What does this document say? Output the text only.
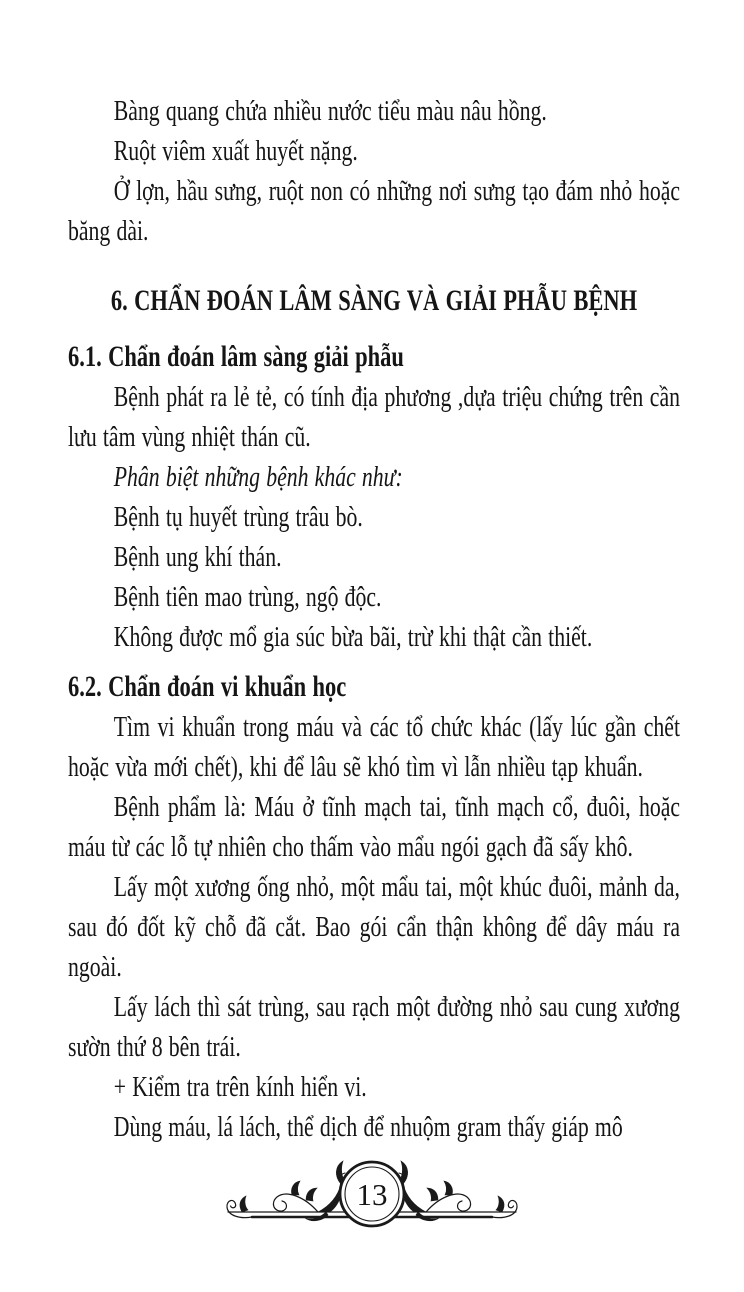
Bàng quang chứa nhiều nước tiểu màu nâu hồng.

Ruột viêm xuất huyết nặng.

Ở lợn, hầu sưng, ruột non có những nơi sưng tạo đám nhỏ hoặc băng dài.

6. CHẨN ĐOÁN LÂM SÀNG VÀ GIẢI PHẪU BỆNH

6.1. Chẩn đoán lâm sàng giải phẫu

Bệnh phát ra lẻ tẻ, có tính địa phương ,dựa triệu chứng trên cần lưu tâm vùng nhiệt thán cũ.

Phân biệt những bệnh khác như:

Bệnh tụ huyết trùng trâu bò.

Bệnh ung khí thán.

Bệnh tiên mao trùng, ngộ độc.

Không được mổ gia súc bừa bãi, trừ khi thật cần thiết.

6.2. Chẩn đoán vi khuẩn học

Tìm vi khuẩn trong máu và các tổ chức khác (lấy lúc gần chết hoặc vừa mới chết), khi để lâu sẽ khó tìm vì lẫn nhiều tạp khuẩn.

Bệnh phẩm là: Máu ở tĩnh mạch tai, tĩnh mạch cổ, đuôi, hoặc máu từ các lỗ tự nhiên cho thấm vào mẩu ngói gạch đã sấy khô.

Lấy một xương ống nhỏ, một mẩu tai, một khúc đuôi, mảnh da, sau đó đốt kỹ chỗ đã cắt. Bao gói cẩn thận không để dây máu ra ngoài.

Lấy lách thì sát trùng, sau rạch một đường nhỏ sau cung xương sườn thứ 8 bên trái.

+ Kiểm tra trên kính hiển vi.

Dùng máu, lá lách, thể dịch để nhuộm gram thấy giáp mô

13
